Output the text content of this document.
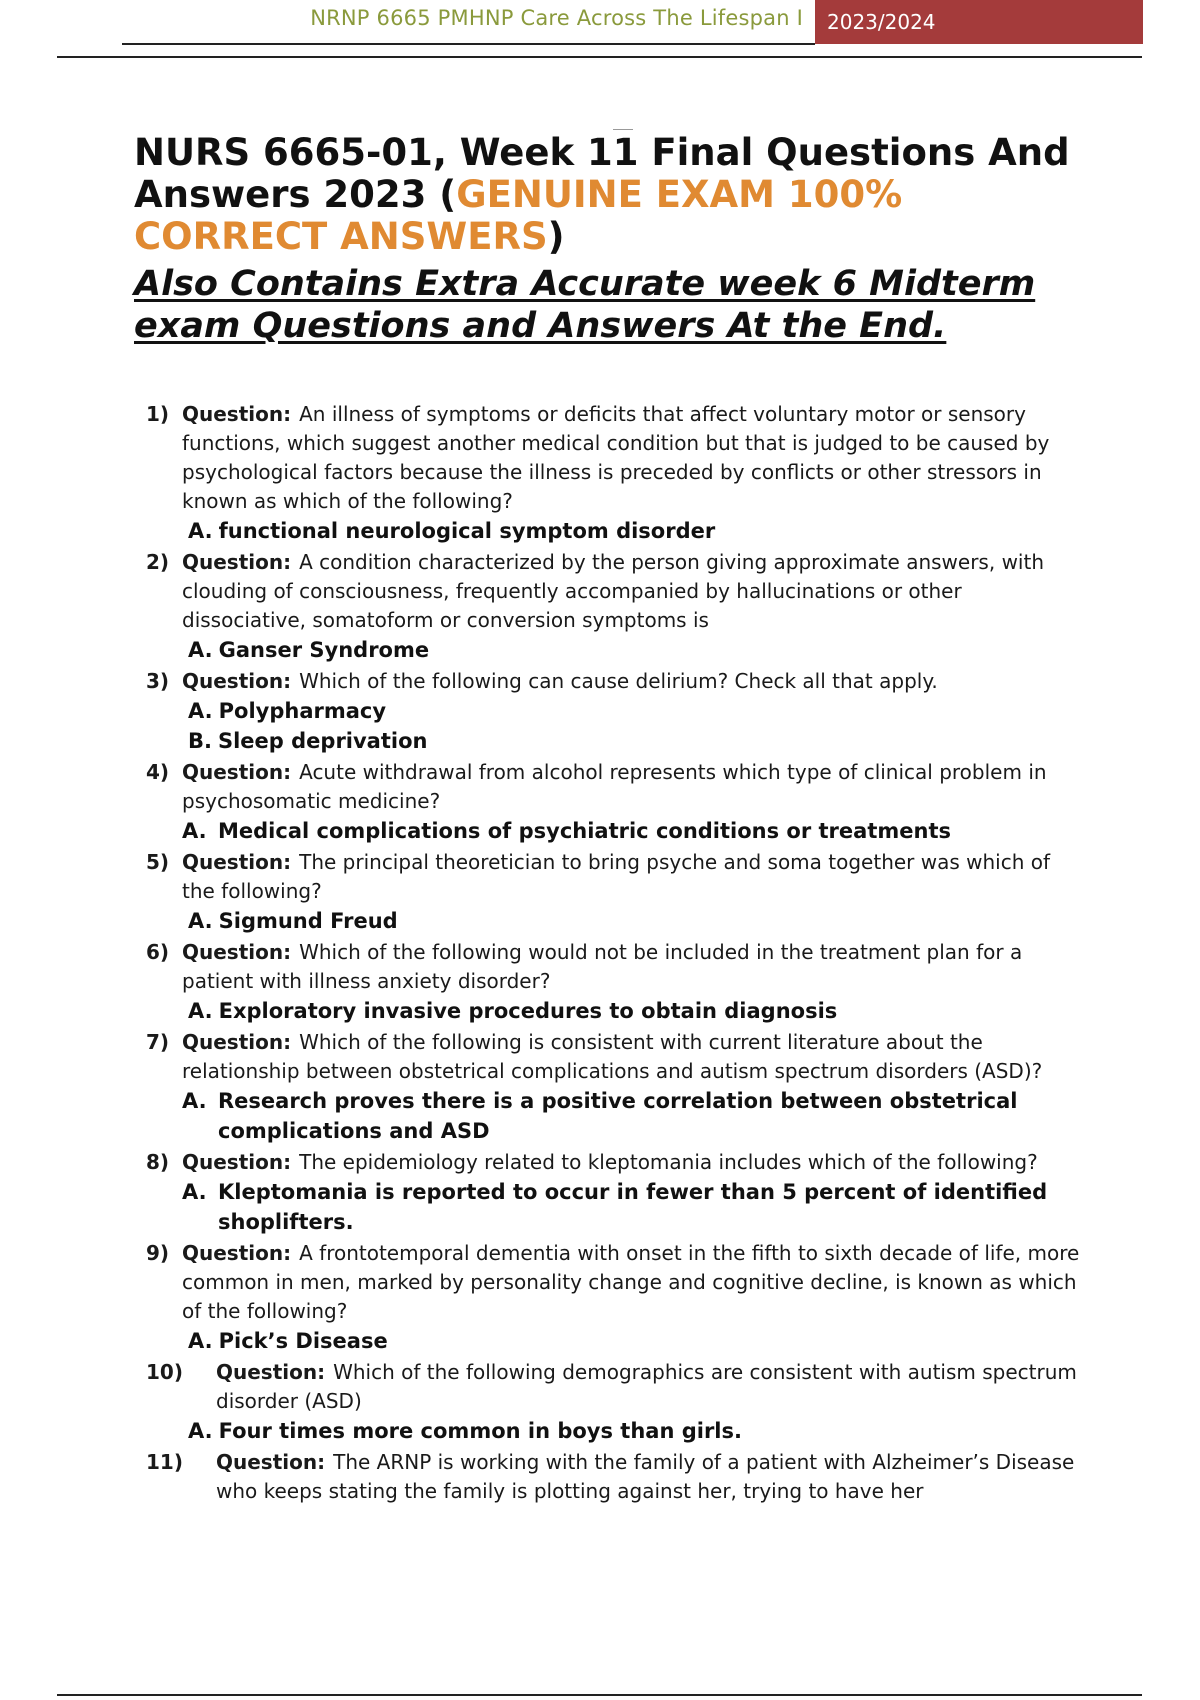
NRNP 6665 PMHNP Care Across The Lifespan I	2023/2024
NURS 6665-01, Week 11 Final Questions And Answers 2023 (GENUINE EXAM 100% CORRECT ANSWERS)
Also Contains Extra Accurate week 6 Midterm exam Questions and Answers At the End.
1) Question: An illness of symptoms or deficits that affect voluntary motor or sensory functions, which suggest another medical condition but that is judged to be caused by psychological factors because the illness is preceded by conflicts or other stressors in known as which of the following?
A. functional neurological symptom disorder
2) Question: A condition characterized by the person giving approximate answers, with clouding of consciousness, frequently accompanied by hallucinations or other dissociative, somatoform or conversion symptoms is
A. Ganser Syndrome
3) Question: Which of the following can cause delirium? Check all that apply.
A. Polypharmacy
B. Sleep deprivation
4) Question: Acute withdrawal from alcohol represents which type of clinical problem in psychosomatic medicine?
A. Medical complications of psychiatric conditions or treatments
5) Question: The principal theoretician to bring psyche and soma together was which of the following?
A. Sigmund Freud
6) Question: Which of the following would not be included in the treatment plan for a patient with illness anxiety disorder?
A. Exploratory invasive procedures to obtain diagnosis
7) Question: Which of the following is consistent with current literature about the relationship between obstetrical complications and autism spectrum disorders (ASD)?
A. Research proves there is a positive correlation between obstetrical complications and ASD
8) Question: The epidemiology related to kleptomania includes which of the following?
A. Kleptomania is reported to occur in fewer than 5 percent of identified shoplifters.
9) Question: A frontotemporal dementia with onset in the fifth to sixth decade of life, more common in men, marked by personality change and cognitive decline, is known as which of the following?
A. Pick’s Disease
10)	Question: Which of the following demographics are consistent with autism spectrum disorder (ASD)
A. Four times more common in boys than girls.
11)	Question: The ARNP is working with the family of a patient with Alzheimer’s Disease who keeps stating the family is plotting against her, trying to have her
